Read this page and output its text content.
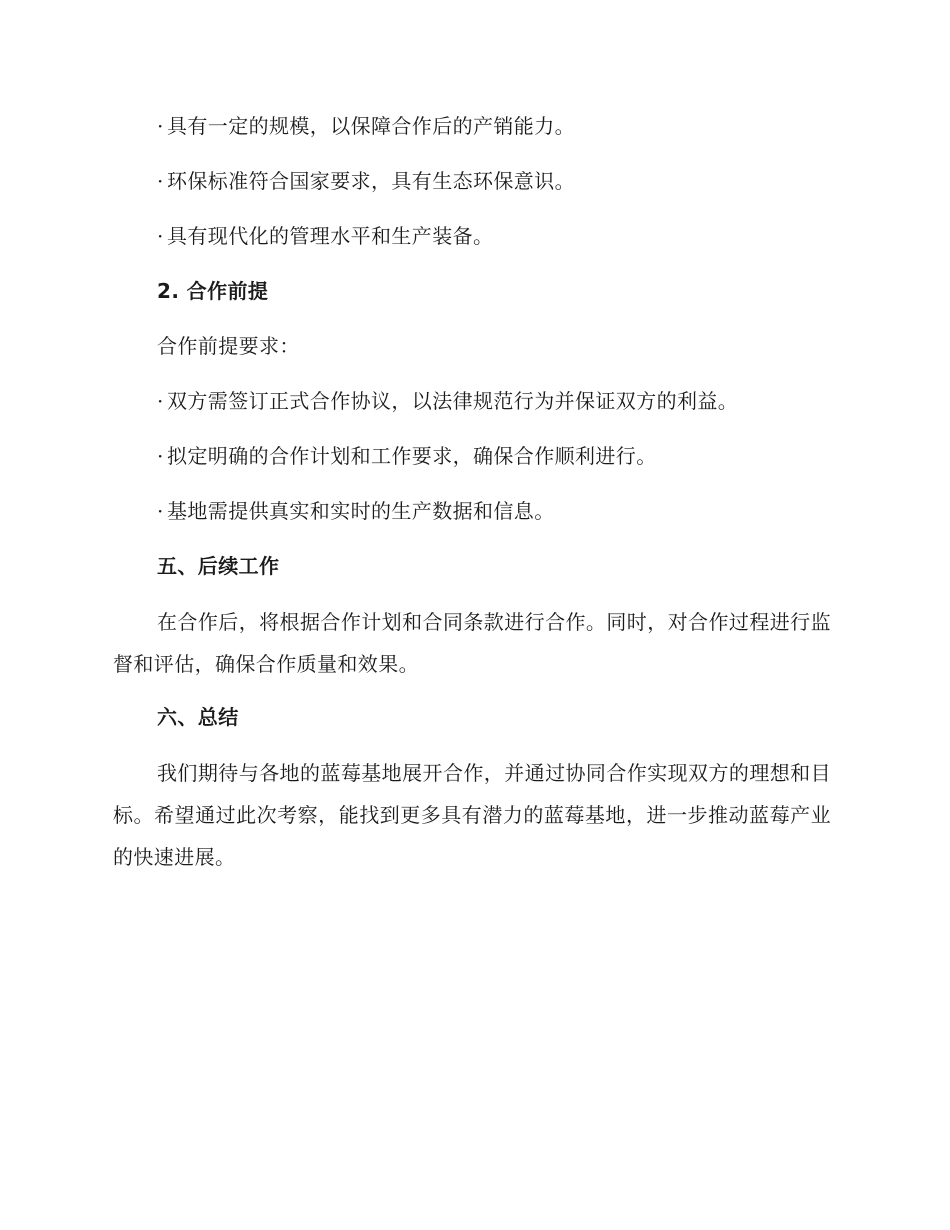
· 具有一定的规模，以保障合作后的产销能力。
· 环保标准符合国家要求，具有生态环保意识。
· 具有现代化的管理水平和生产装备。
2. 合作前提
合作前提要求：
· 双方需签订正式合作协议，以法律规范行为并保证双方的利益。
· 拟定明确的合作计划和工作要求，确保合作顺利进行。
· 基地需提供真实和实时的生产数据和信息。
五、后续工作

在合作后，将根据合作计划和合同条款进行合作。同时，对合作过程进行监督和评估，确保合作质量和效果。

六、总结

我们期待与各地的蓝莓基地展开合作，并通过协同合作实现双方的理想和目标。希望通过此次考察，能找到更多具有潜力的蓝莓基地，进一步推动蓝莓产业的快速进展。
